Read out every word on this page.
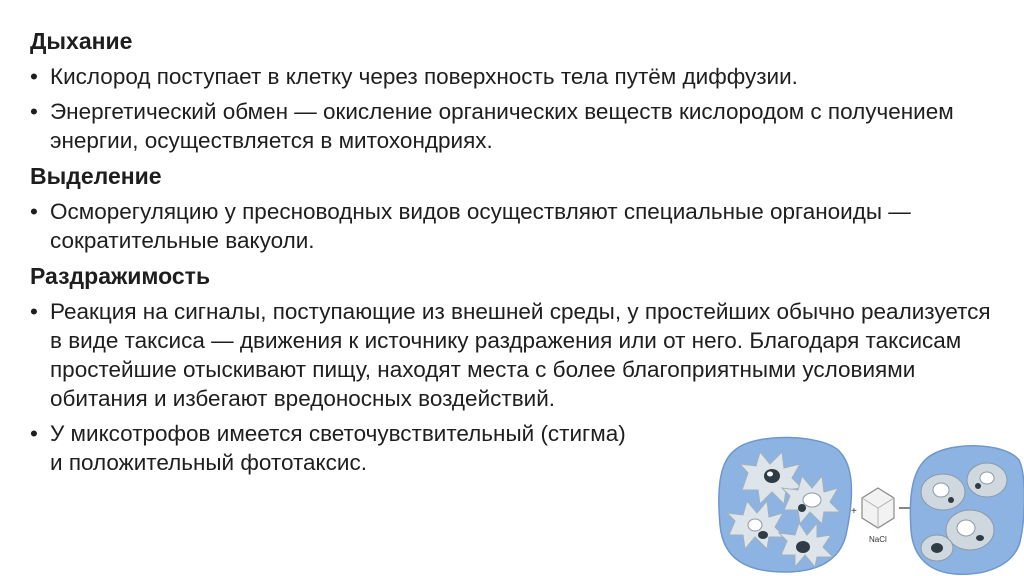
Дыхание
• Кислород поступает в клетку через поверхность тела путём диффузии.
• Энергетический обмен — окисление органических веществ кислородом с получением энергии, осуществляется в митохондриях.
Выделение
• Осморегуляцию у пресноводных видов осуществляют специальные органоиды — сократительные вакуоли.
Раздражимость
• Реакция на сигналы, поступающие из внешней среды, у простейших обычно реализуется в виде таксиса — движения к источнику раздражения или от него. Благодаря таксисам простейшие отыскивают пищу, находят места с более благоприятными условиями обитания и избегают вредоносных воздействий.
• У миксотрофов имеется светочувствительный (стигма) и положительный фототаксис.
+
NaCl
